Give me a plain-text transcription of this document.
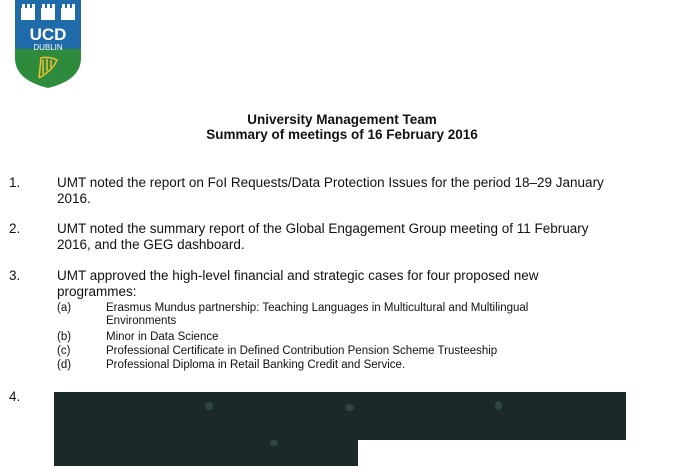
UCD
DUBLIN
University Management Team
Summary of meetings of 16 February 2016
1.	UMT noted the report on FoI Requests/Data Protection Issues for the period 18–29 January
2016.
2.	UMT noted the summary report of the Global Engagement Group meeting of 11 February
2016, and the GEG dashboard.
3.	UMT approved the high-level financial and strategic cases for four proposed new
programmes:
(a)	Erasmus Mundus partnership: Teaching Languages in Multicultural and Multilingual
Environments
(b)	Minor in Data Science
(c)	Professional Certificate in Defined Contribution Pension Scheme Trusteeship
(d)	Professional Diploma in Retail Banking Credit and Service.
4.
